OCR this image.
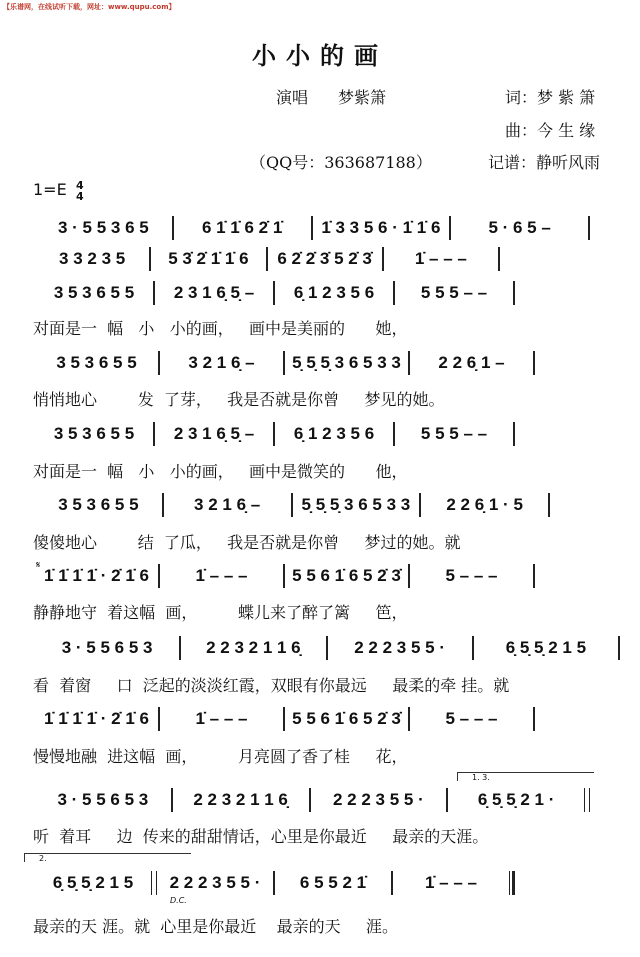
【乐谱网，在线试听下载，网址：www.qupu.com】
小小的画
演唱 梦紫箫	词：梦 紫 箫
曲：今 生 缘
（QQ号：363687188）	记谱：静听风雨
1=E 4
4
𝄋
1. 3.
2.
D.C.
3 · 5 5 3 6 5	6 1̇ 1̇ 6 2̇ 1̇	1̇ 3 3 5 6 · 1̇ 1̇ 6	5 · 6 5 –
3 3 2 3 5	5 3̇ 2̇ 1̇ 1̇ 6	6 2̇ 2̇ 3̇ 5 2̇ 3̇	1̇ – – –
3 5 3 6 5 5	2 3 1 6̣ 5̣ –	6̣ 1 2 3 5 6	5 5 5 – –
3 5 3 6 5 5	3 2 1 6̣ –	5̣ 5̣ 5̣ 3 6 5 3 3	2 2 6̣ 1 –
3 5 3 6 5 5	2 3 1 6̣ 5̣ –	6̣ 1 2 3 5 6	5 5 5 – –
3 5 3 6 5 5	3 2 1 6̣ –	5̣ 5̣ 5̣ 3 6 5 3 3	2 2 6̣ 1 · 5
1̇ 1̇ 1̇ 1̇ · 2̇ 1̇ 6	1̇ – – –	5 5 6 1̇ 6 5 2̇ 3̇	5 – – –
3 · 5 5 6 5 3	2 2 3 2 1 1 6̣	2 2 2 3 5 5 ·	6̣ 5̣ 5̣ 2 1 5
1̇ 1̇ 1̇ 1̇ · 2̇ 1̇ 6	1̇ – – –	5 5 6 1̇ 6 5 2̇ 3̇	5 – – –
3 · 5 5 6 5 3	2 2 3 2 1 1 6̣	2 2 2 3 5 5 ·	6̣ 5̣ 5̣ 2 1 ·
6̣ 5̣ 5̣ 2 1 5	2 2 2 3 5 5 ·	6 5 5 2 1̇	1̇ – – –
对面是一  幅   小   小的画，   画中是美丽的      她，
悄悄地心        发  了芽，   我是否就是你曾     梦见的她。
对面是一  幅   小   小的画，   画中是微笑的      他，
傻傻地心        结  了瓜，   我是否就是你曾     梦过的她。就
静静地守  着这幅  画，        蝶儿来了醉了篱     笆，
看  着窗     口  泛起的淡淡红霞，双眼有你最远     最柔的牵 挂。就
慢慢地融  进这幅  画，        月亮圆了香了桂     花，
听  着耳     边  传来的甜甜情话，心里是你最近     最亲的天涯。
最亲的天 涯。就  心里是你最近    最亲的天     涯。
